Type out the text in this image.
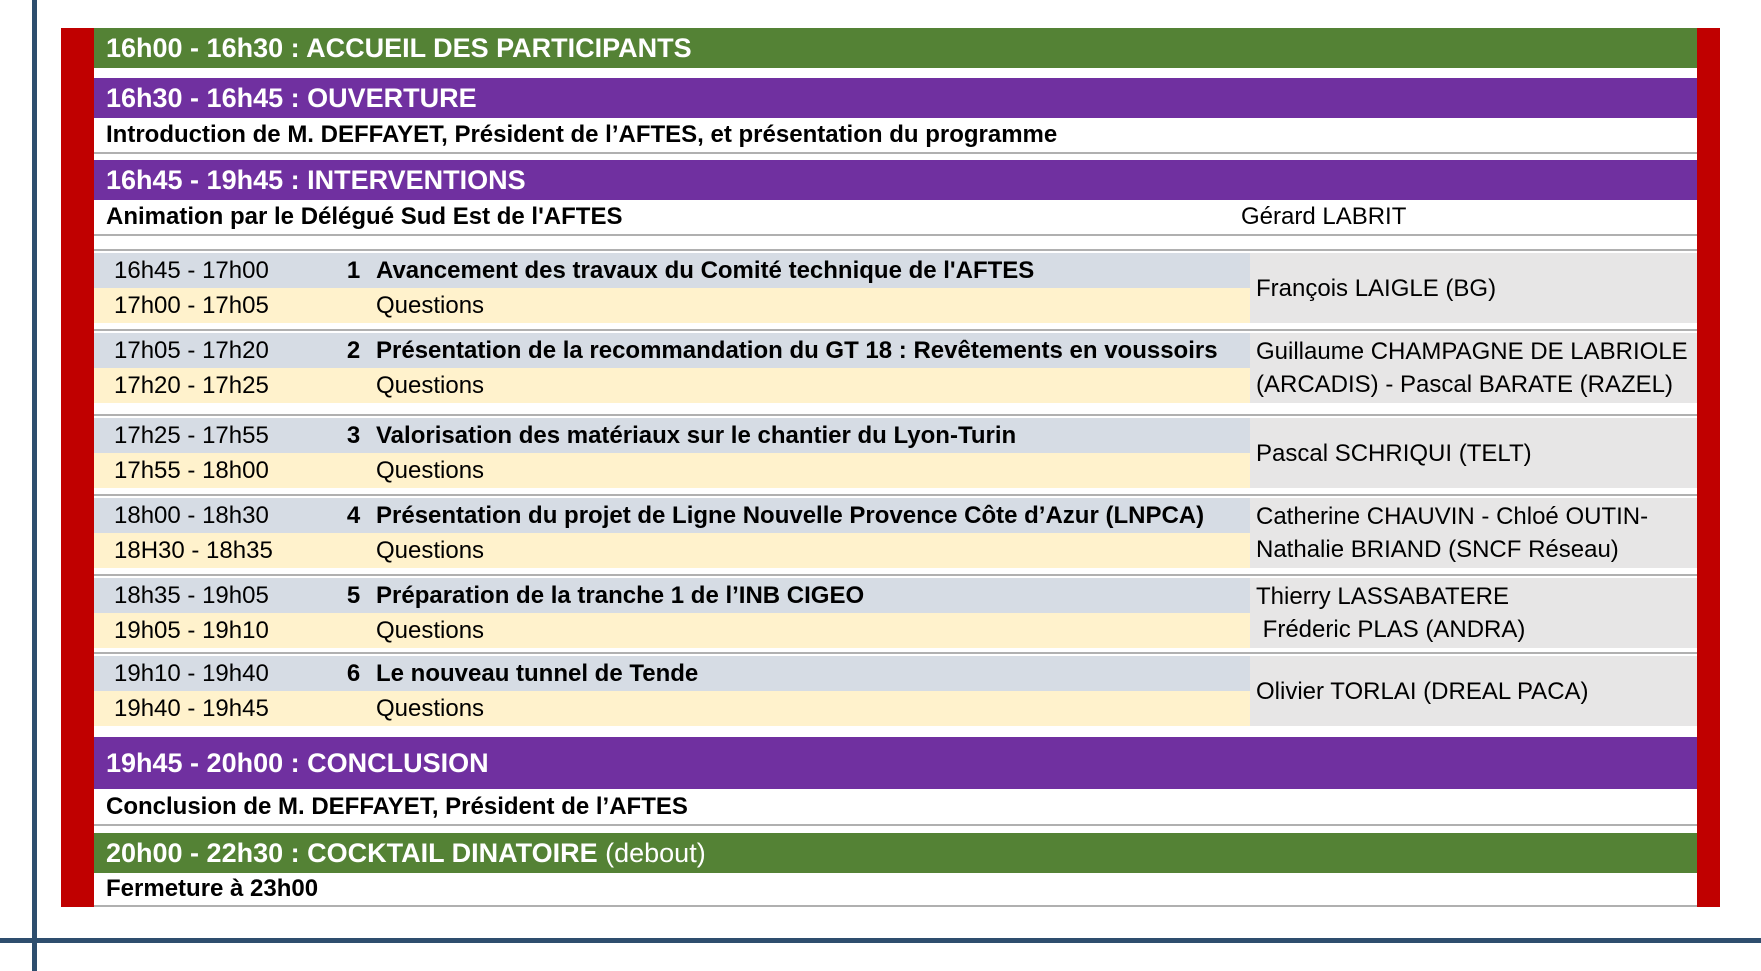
16h00 - 16h30 : ACCUEIL DES PARTICIPANTS
16h30 - 16h45 : OUVERTURE
Introduction de M. DEFFAYET, Président de l’AFTES, et présentation du programme
16h45 - 19h45 : INTERVENTIONS
Animation par le Délégué Sud Est de l'AFTES	Gérard LABRIT
16h45 - 17h00	1 Avancement des travaux du Comité technique de l'AFTES
17h00 - 17h05	Questions
François LAIGLE (BG)
17h05 - 17h20	2 Présentation de la recommandation du GT 18 : Revêtements en voussoirs
17h20 - 17h25	Questions
Guillaume CHAMPAGNE DE LABRIOLE
(ARCADIS) - Pascal BARATE (RAZEL)
17h25 - 17h55	3 Valorisation des matériaux sur le chantier du Lyon-Turin
17h55 - 18h00	Questions
Pascal SCHRIQUI (TELT)
18h00 - 18h30	4 Présentation du projet de Ligne Nouvelle Provence Côte d’Azur (LNPCA)
18H30 - 18h35	Questions
Catherine CHAUVIN - Chloé OUTIN-
Nathalie BRIAND (SNCF Réseau)
18h35 - 19h05	5 Préparation de la tranche 1 de l’INB CIGEO
19h05 - 19h10	Questions
Thierry LASSABATERE
Fréderic PLAS (ANDRA)
19h10 - 19h40	6 Le nouveau tunnel de Tende
19h40 - 19h45	Questions
Olivier TORLAI (DREAL PACA)
19h45 - 20h00 : CONCLUSION
Conclusion de M. DEFFAYET, Président de l’AFTES
20h00 - 22h30 : COCKTAIL DINATOIRE
(debout)
Fermeture à 23h00
